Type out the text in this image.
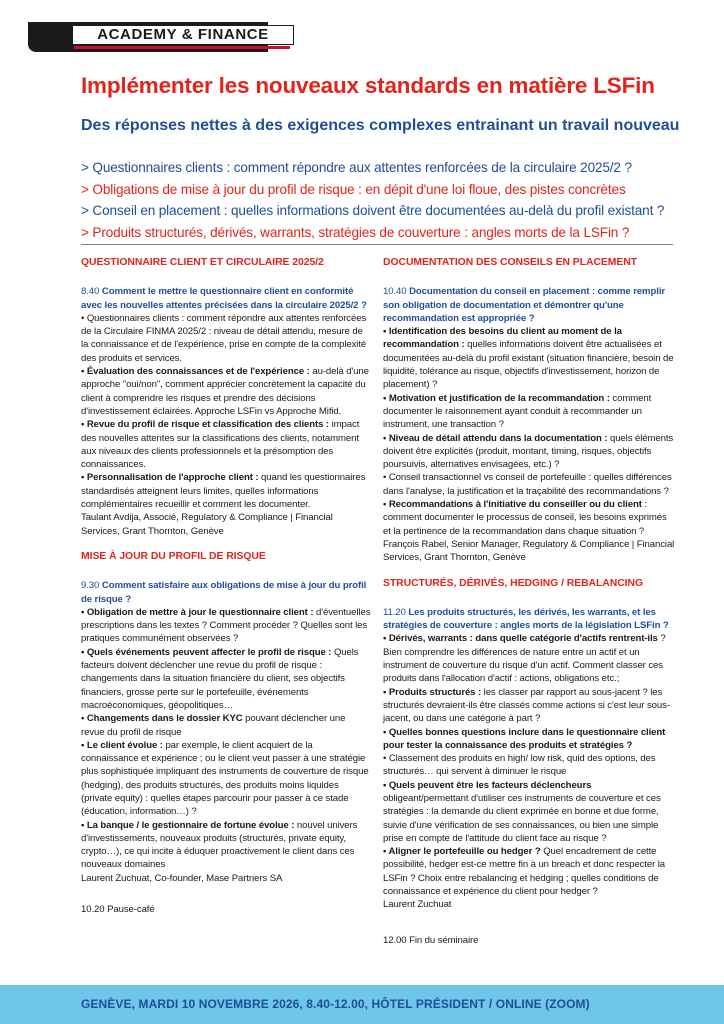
ACADEMY & FINANCE
Implémenter les nouveaux standards en matière LSFin
Des réponses nettes à des exigences complexes entrainant un travail nouveau
> Questionnaires clients : comment répondre aux attentes renforcées de la circulaire 2025/2 ?
> Obligations de mise à jour du profil de risque : en dépit d'une loi floue, des pistes concrètes
> Conseil en placement : quelles informations doivent être documentées au-delà du profil existant ?
> Produits structurés, dérivés, warrants, stratégies de couverture : angles morts de la LSFin ?
QUESTIONNAIRE CLIENT ET CIRCULAIRE 2025/2

8.40 Comment le mettre le questionnaire client en conformité avec les nouvelles attentes précisées dans la circulaire 2025/2 ?

• Questionnaires clients : comment répondre aux attentes renforcées de la Circulaire FINMA 2025/2 : niveau de détail attendu, mesure de la connaissance et de l'expérience, prise en compte de la complexité des produits et services.

• Évaluation des connaissances et de l'expérience : au-delà d'une approche "oui/non", comment apprécier concrètement la capacité du client à comprendre les risques et prendre des décisions d'investissement éclairées. Approche LSFin vs Approche Mifid.

• Revue du profil de risque et classification des clients : impact des nouvelles attentes sur la classifications des clients, notamment aux niveaux des clients professionnels et la présomption des connaissances.

• Personnalisation de l'approche client : quand les questionnaires standardisés atteignent leurs limites, quelles informations complémentaires recueillir et comment les documenter.

Taulant Avdija, Associé, Regulatory & Compliance | Financial Services, Grant Thornton, Genève

MISE À JOUR DU PROFIL DE RISQUE

9.30 Comment satisfaire aux obligations de mise à jour du profil de risque ?

• Obligation de mettre à jour le questionnaire client : d'éventuelles prescriptions dans les textes ? Comment procéder ? Quelles sont les pratiques communément observées ?

• Quels événements peuvent affecter le profil de risque : Quels facteurs doivent déclencher une revue du profil de risque : changements dans la situation financière du client, ses objectifs financiers, grosse perte sur le portefeuille, événements macroéconomiques, géopolitiques…

• Changements dans le dossier KYC pouvant déclencher une revue du profil de risque

• Le client évolue : par exemple, le client acquiert de la connaissance et expérience ; ou le client veut passer à une stratégie plus sophistiquée impliquant des instruments de couverture de risque (hedging), des produits structurés, des produits moins liquides (private equity) : quelles étapes parcourir pour passer à ce stade (éducation, information…) ?

• La banque / le gestionnaire de fortune évolue : nouvel univers d'investissements, nouveaux produits (structurés, private equity, crypto…), ce qui incite à éduquer proactivement le client dans ces nouveaux domaines

Laurent Zuchuat, Co-founder, Mase Partners SA

10.20 Pause-café

DOCUMENTATION DES CONSEILS EN PLACEMENT

10.40 Documentation du conseil en placement : comme remplir son obligation de documentation et démontrer qu'une recommandation est appropriée ?

• Identification des besoins du client au moment de la recommandation : quelles informations doivent être actualisées et documentées au-delà du profil existant (situation financière, besoin de liquidité, tolérance au risque, objectifs d'investissement, horizon de placement) ?

• Motivation et justification de la recommandation : comment documenter le raisonnement ayant conduit à recommander un instrument, une transaction ?

• Niveau de détail attendu dans la documentation : quels éléments doivent être explicités (produit, montant, timing, risques, objectifs poursuivis, alternatives envisagées, etc.) ?

• Conseil transactionnel vs conseil de portefeuille : quelles différences dans l'analyse, la justification et la traçabilité des recommandations ?

• Recommandations à l'initiative du conseiller ou du client : comment documenter le processus de conseil, les besoins exprimés et la pertinence de la recommandation dans chaque situation ?

François Rabel, Senior Manager, Regulatory & Compliance | Financial Services, Grant Thornton, Genève

STRUCTURÉS, DÉRIVÉS, HEDGING / REBALANCING

11.20 Les produits structurés, les dérivés, les warrants, et les stratégies de couverture : angles morts de la législation LSFin ?

• Dérivés, warrants : dans quelle catégorie d'actifs rentrent-ils ? Bien comprendre les différences de nature entre un actif et un instrument de couverture du risque d'un actif. Comment classer ces produits dans l'allocation d'actif : actions, obligations etc.;

• Produits structurés : les classer par rapport au sous-jacent ? les structurés devraient-ils être classés comme actions si c'est leur sous-jacent, ou dans une catégorie à part ?

• Quelles bonnes questions inclure dans le questionnaire client pour tester la connaissance des produits et stratégies ?

• Classement des produits en high/ low risk, quid des options, des structurés… qui servent à diminuer le risque

• Quels peuvent être les facteurs déclencheurs obligeant/permettant d'utiliser ces instruments de couverture et ces stratégies : la demande du client exprimée en bonne et due forme, suivie d'une vérification de ses connaissances, ou bien une simple prise en compte de l'attitude du client face au risque ?

• Aligner le portefeuille ou hedger ? Quel encadrement de cette possibilité, hedger est-ce mettre fin à un breach et donc respecter la LSFin ? Choix entre rebalancing et hedging ; quelles conditions de connaissance et expérience du client pour hedger ?

Laurent Zuchuat

12.00 Fin du séminaire

GENÈVE, MARDI 10 NOVEMBRE 2026, 8.40-12.00, HÔTEL PRÉSIDENT / ONLINE (ZOOM)
